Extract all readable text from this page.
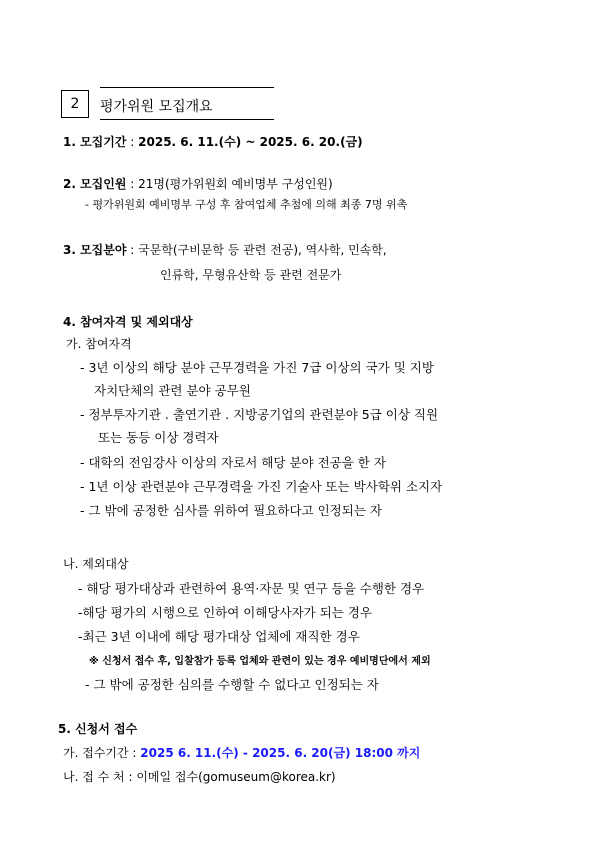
2	평가위원 모집개요
1. 모집기간 : 2025. 6. 11.(수) ~ 2025. 6. 20.(금)
2. 모집인원 : 21명(평가위원회 예비명부 구성인원)
- 평가위원회 예비명부 구성 후 참여업체 추첨에 의해 최종 7명 위촉
3. 모집분야 : 국문학(구비문학 등 관련 전공), 역사학, 민속학,
인류학, 무형유산학 등 관련 전문가
4. 참여자격 및 제외대상
가. 참여자격
- 3년 이상의 해당 분야 근무경력을 가진 7급 이상의 국가 및 지방
자치단체의 관련 분야 공무원
- 정부투자기관 . 출연기관 . 지방공기업의 관련분야 5급 이상 직원
또는 동등 이상 경력자
- 대학의 전임강사 이상의 자로서 해당 분야 전공을 한 자
- 1년 이상 관련분야 근무경력을 가진 기술사 또는 박사학위 소지자
- 그 밖에 공정한 심사를 위하여 필요하다고 인정되는 자
나. 제외대상
- 해당 평가대상과 관련하여 용역·자문 및 연구 등을 수행한 경우
-해당 평가의 시행으로 인하여 이해당사자가 되는 경우
-최근 3년 이내에 해당 평가대상 업체에 재직한 경우
※ 신청서 접수 후, 입찰참가 등록 업체와 관련이 있는 경우 예비명단에서 제외
- 그 밖에 공정한 심의를 수행할 수 없다고 인정되는 자
5. 신청서 접수
가. 접수기간 : 2025 6. 11.(수) - 2025. 6. 20(금) 18:00 까지
나. 접 수 처 : 이메일 접수(gomuseum@korea.kr)
